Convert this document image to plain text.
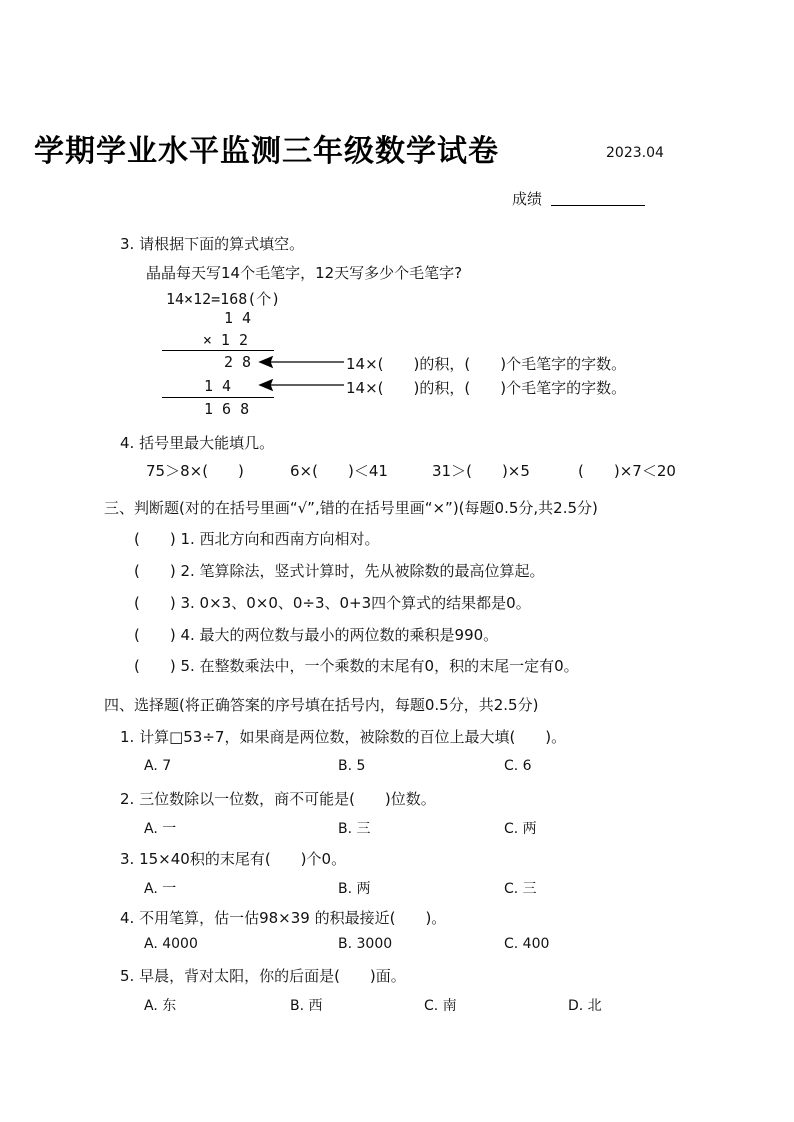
学期学业水平监测三年级数学试卷	2023.04
成绩
3. 请根据下面的算式填空。
晶晶每天写14个毛笔字，12天写多少个毛笔字?
14×12=168(个)
1 4
× 1 2
2 8
1 4
1 6 8
14×(　　)的积，(　　)个毛笔字的字数。
14×(　　)的积，(　　)个毛笔字的字数。
4. 括号里最大能填几。
75＞8×(　　)	6×(　　)＜41	31＞(　　)×5	(　　)×7＜20
三、判断题(对的在括号里画“√”,错的在括号里画“×”)(每题0.5分,共2.5分)
(　　) 1. 西北方向和西南方向相对。
(　　) 2. 笔算除法，竖式计算时，先从被除数的最高位算起。
(　　) 3. 0×3、0×0、0÷3、0+3四个算式的结果都是0。
(　　) 4. 最大的两位数与最小的两位数的乘积是990。
(　　) 5. 在整数乘法中，一个乘数的末尾有0，积的末尾一定有0。
四、选择题(将正确答案的序号填在括号内，每题0.5分，共2.5分)
1. 计算□53÷7，如果商是两位数，被除数的百位上最大填(　　)。
A. 7	B. 5	C. 6
2. 三位数除以一位数，商不可能是(　　)位数。
A. 一	B. 三	C. 两
3. 15×40积的末尾有(　　)个0。
A. 一	B. 两	C. 三
4. 不用笔算，估一估98×39 的积最接近(　　)。
A. 4000	B. 3000	C. 400
5. 早晨，背对太阳，你的后面是(　　)面。
A. 东	B. 西	C. 南	D. 北
